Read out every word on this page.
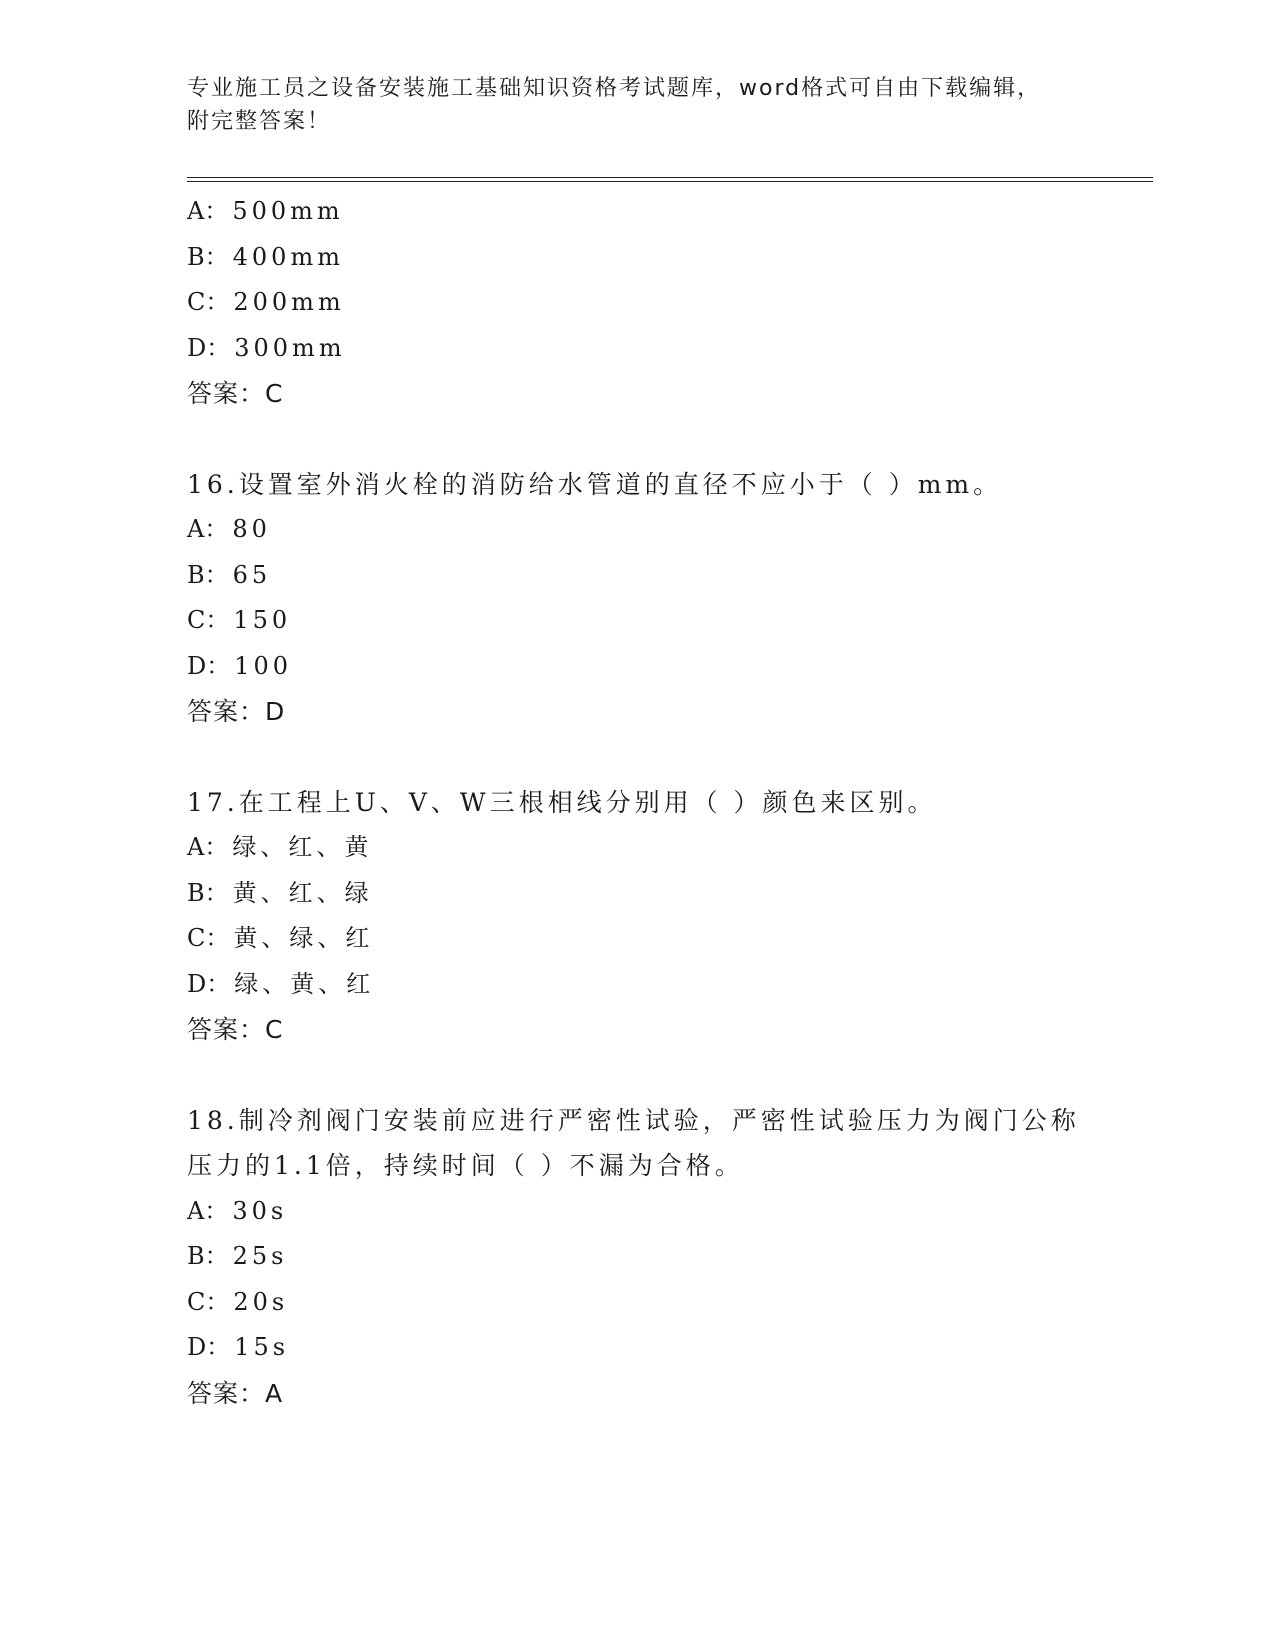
专业施工员之设备安装施工基础知识资格考试题库，word格式可自由下载编辑，
附完整答案！
A：500mm
B：400mm
C：200mm
D：300mm
答案：C
16.设置室外消火栓的消防给水管道的直径不应小于（ ）mm。
A：80
B：65
C：150
D：100
答案：D
17.在工程上U、V、W三根相线分别用（ ）颜色来区别。
A：绿、红、黄
B：黄、红、绿
C：黄、绿、红
D：绿、黄、红
答案：C
18.制冷剂阀门安装前应进行严密性试验，严密性试验压力为阀门公称压力的1.1倍，持续时间（ ）不漏为合格。
A：30s
B：25s
C：20s
D：15s
答案：A
